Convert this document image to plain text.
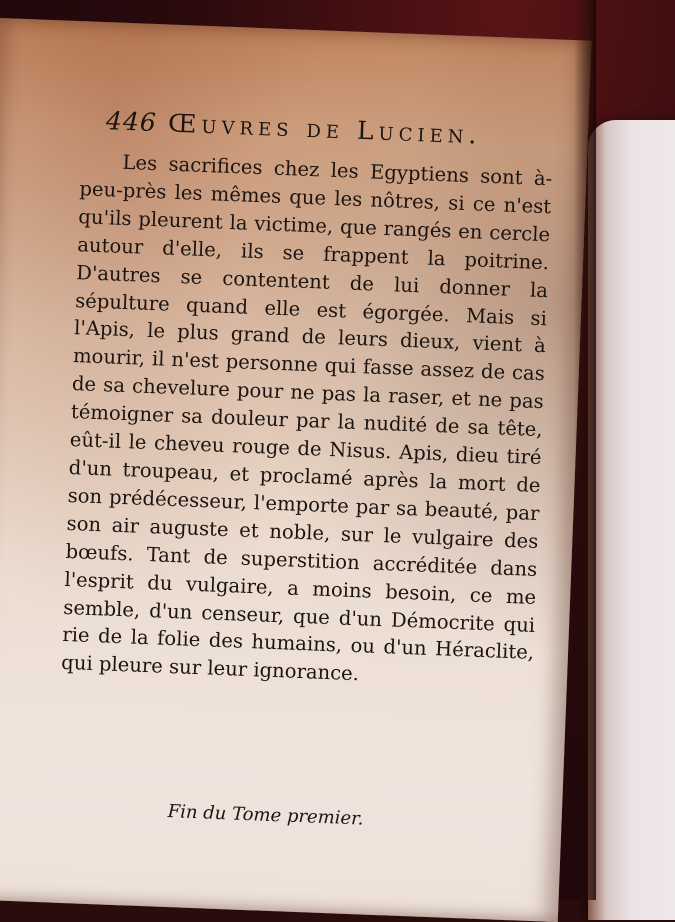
446 Œuvres de Lucien.

Les sacrifices chez les Egyptiens sont à-peu-près les mêmes que les nôtres, si ce n'est qu'ils pleurent la victime, que rangés en cercle autour d'elle, ils se frappent la poitrine. D'autres se contentent de lui donner la sépulture quand elle est égorgée. Mais si l'Apis, le plus grand de leurs dieux, vient à mourir, il n'est personne qui fasse assez de cas de sa chevelure pour ne pas la raser, et ne pas témoigner sa douleur par la nudité de sa tête, eût-il le cheveu rouge de Nisus. Apis, dieu tiré d'un troupeau, et proclamé après la mort de son prédécesseur, l'emporte par sa beauté, par son air auguste et noble, sur le vulgaire des bœufs. Tant de superstition accréditée dans l'esprit du vulgaire, a moins besoin, ce me semble, d'un censeur, que d'un Démocrite qui rie de la folie des humains, ou d'un Héraclite, qui pleure sur leur ignorance.

Fin du Tome premier.
